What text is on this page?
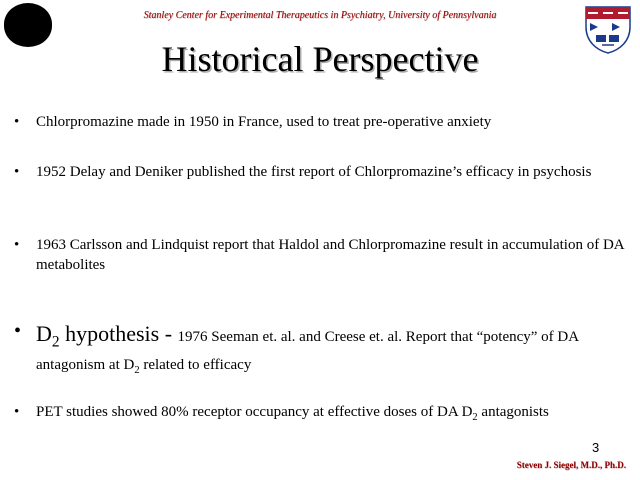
Stanley Center for Experimental Therapeutics in Psychiatry, University of Pennsylvania
Historical Perspective
• Chlorpromazine made in 1950 in France, used to treat pre-operative anxiety
• 1952 Delay and Deniker published the first report of Chlorpromazine’s efficacy in psychosis
• 1963 Carlsson and Lindquist report that Haldol and Chlorpromazine result in accumulation of DA metabolites
• $D_2$ hypothesis - 1976 Seeman et. al. and Creese et. al. Report that “potency” of DA antagonism at $D_2$ related to efficacy
• PET studies showed 80% receptor occupancy at effective doses of DA $D_2$ antagonists
3
Steven J. Siegel, M.D., Ph.D.
